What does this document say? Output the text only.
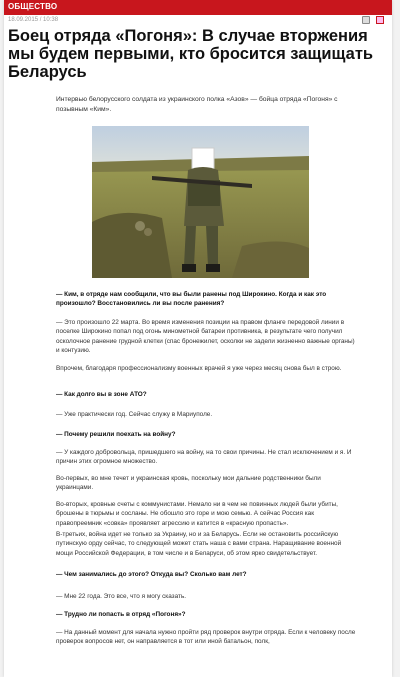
ОБЩЕСТВО
18.09.2015 / 10:38
Боец отряда «Погоня»: В случае вторжения мы будем первыми, кто бросится защищать Беларусь

Интервью белорусского солдата из украинского полка «Азов» — бойца отряда «Погоня» с позывным «Ким».

— Ким, в отряде нам сообщили, что вы были ранены под Широкино. Когда и как это произошло? Восстановились ли вы после ранения?

— Это произошло 22 марта. Во время изменения позиции на правом фланге передовой линии в поселке Широкино попал под огонь минометной батареи противника, в результате чего получил осколочное ранение грудной клетки (спас бронежилет, осколки не задели жизненно важные органы) и контузию.

Впрочем, благодаря профессионализму военных врачей я уже через месяц снова был в строю.

— Как долго вы в зоне АТО?

— Уже практически год. Сейчас служу в Мариуполе.

— Почему решили поехать на войну?

— У каждого добровольца, пришедшего на войну, на то свои причины. Не стал исключением и я. И причин этих огромное множество.

Во-первых, во мне течет и украинская кровь, поскольку мои дальние родственники были украинцами.

Во-вторых, кровные счеты с коммунистами. Немало ни в чем не повинных людей были убиты, брошены в тюрьмы и сосланы. Не обошло это горе и мою семью. А сейчас Россия как правопреемник «совка» проявляет агрессию и катится в «красную пропасть».

В-третьих, война идет не только за Украину, но и за Беларусь. Если не остановить российскую путинскую орду сейчас, то следующей может стать наша с вами страна. Наращивание военной мощи Российской Федерации, в том числе и в Беларуси, об этом ярко свидетельствует.

— Чем занимались до этого? Откуда вы? Сколько вам лет?

— Мне 22 года. Это все, что я могу сказать.

— Трудно ли попасть в отряд «Погоня»?

— На данный момент для начала нужно пройти ряд проверок внутри отряда. Если к человеку после проверок вопросов нет, он направляется в тот или иной батальон, полк,
